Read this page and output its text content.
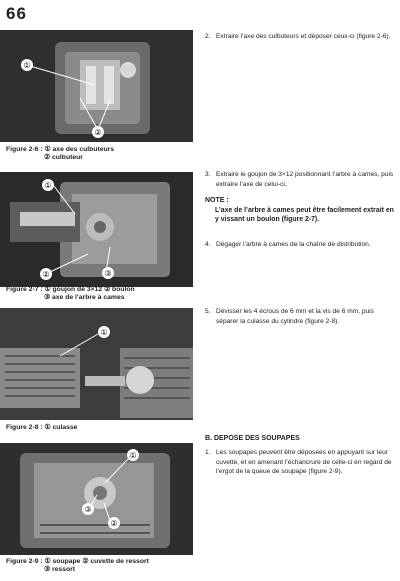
66
①
②
Figure 2-6 : ① axe des culbuteurs
② culbuteur
①
②	③
Figure 2-7 : ① goujon de 3×12 ② boulon
③ axe de l’arbre à cames
①
Figure 2-8 : ① culasse
①
②
③
Figure 2-9 : ① soupape ② cuvette de ressort
③ ressort
2. Extraire l’axe des culbuteurs et déposer ceux-ci (figure 2-6).
3. Extraire le goujon de 3×12 positionnant l’arbre à cames, puis extraire l’axe de celui-ci.
NOTE :
L’axe de l’arbre à cames peut être facilement extrait en y vissant un boulon (figure 2-7).
4. Dégager l’arbre à cames de la chaîne de distribution.
5. Dévisser les 4 écrous de 6 mm et la vis de 6 mm, puis séparer la culasse du cylindre (figure 2-8).
B. DEPOSE DES SOUPAPES
1. Les soupapes peuvent être déposées en appuyant sur leur cuvette, et en amenant l’échancrure de celle-ci en regard de l’ergot de la queue de soupape (figure 2-9).
